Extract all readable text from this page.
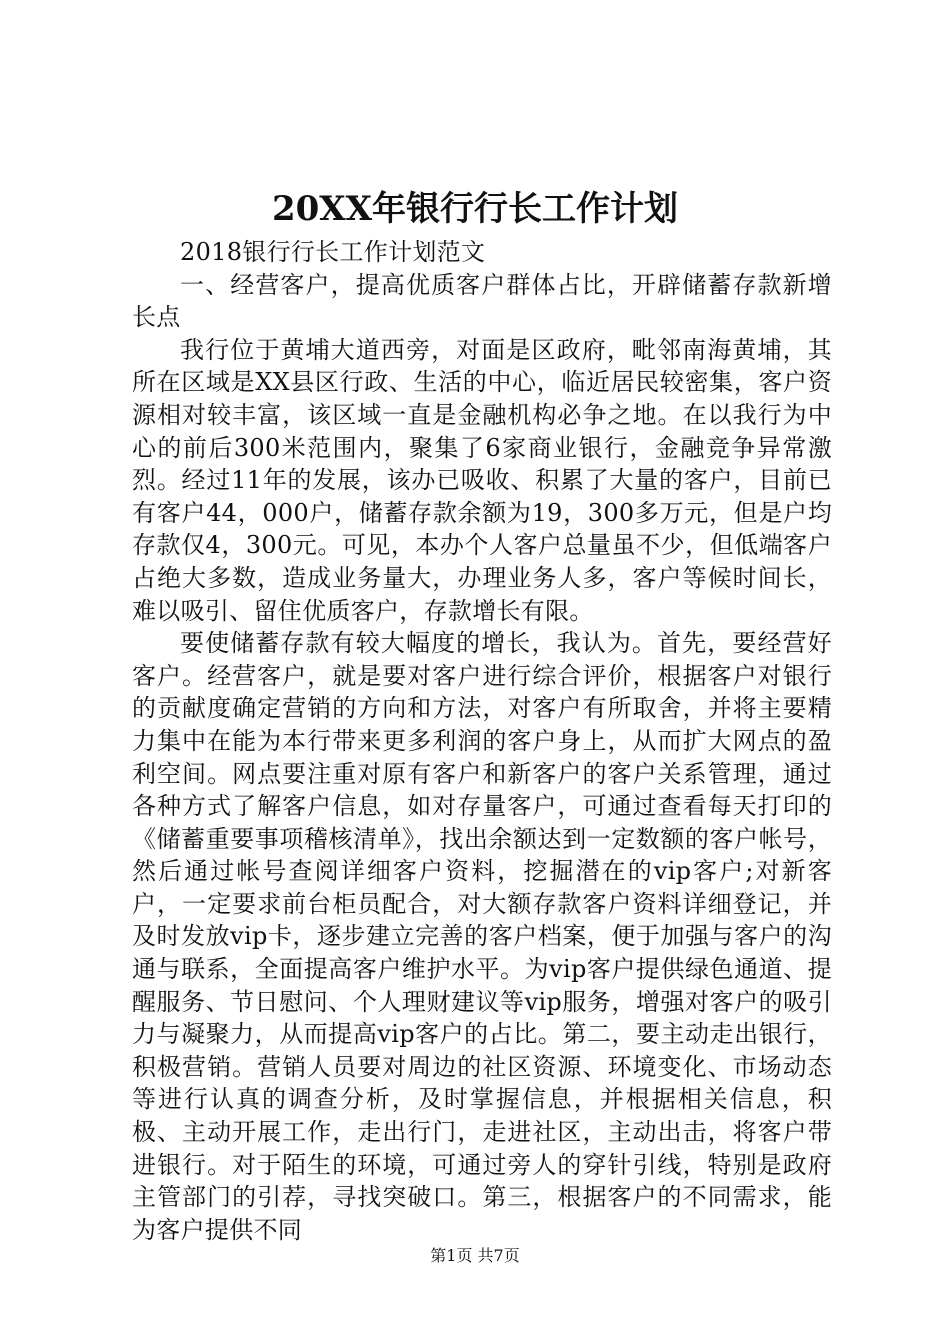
20XX年银行行长工作计划

2018银行行长工作计划范文

一、经营客户，提高优质客户群体占比，开辟储蓄存款新增长点

我行位于黄埔大道西旁，对面是区政府，毗邻南海黄埔，其所在区域是XX县区行政、生活的中心，临近居民较密集，客户资源相对较丰富，该区域一直是金融机构必争之地。在以我行为中心的前后300米范围内，聚集了6家商业银行，金融竞争异常激烈。经过11年的发展，该办已吸收、积累了大量的客户，目前已有客户44，000户，储蓄存款余额为19，300多万元，但是户均存款仅4，300元。可见，本办个人客户总量虽不少，但低端客户占绝大多数，造成业务量大，办理业务人多，客户等候时间长，难以吸引、留住优质客户，存款增长有限。

要使储蓄存款有较大幅度的增长，我认为。首先，要经营好客户。经营客户，就是要对客户进行综合评价，根据客户对银行的贡献度确定营销的方向和方法，对客户有所取舍，并将主要精力集中在能为本行带来更多利润的客户身上，从而扩大网点的盈利空间。网点要注重对原有客户和新客户的客户关系管理，通过各种方式了解客户信息，如对存量客户，可通过查看每天打印的《储蓄重要事项稽核清单》，找出余额达到一定数额的客户帐号，然后通过帐号查阅详细客户资料，挖掘潜在的vip客户;对新客户，一定要求前台柜员配合，对大额存款客户资料详细登记，并及时发放vip卡，逐步建立完善的客户档案，便于加强与客户的沟通与联系，全面提高客户维护水平。为vip客户提供绿色通道、提醒服务、节日慰问、个人理财建议等vip服务，增强对客户的吸引力与凝聚力，从而提高vip客户的占比。第二，要主动走出银行，积极营销。营销人员要对周边的社区资源、环境变化、市场动态等进行认真的调查分析，及时掌握信息，并根据相关信息，积极、主动开展工作，走出行门，走进社区，主动出击，将客户带进银行。对于陌生的环境，可通过旁人的穿针引线，特别是政府主管部门的引荐，寻找突破口。第三，根据客户的不同需求，能为客户提供不同

第1页 共7页
